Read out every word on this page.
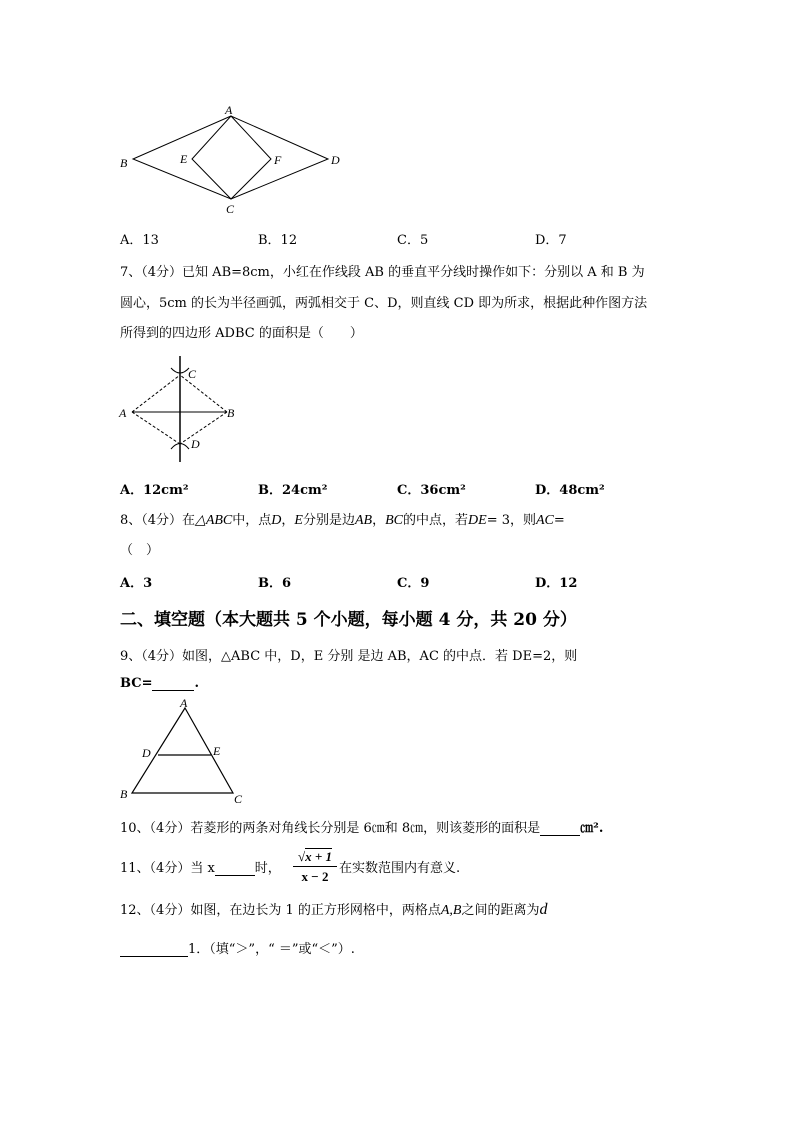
A
B
C
D
E	F
A．13	B．12	C．5	D．7
7、（4分）已知 AB=8cm，小红在作线段 AB 的垂直平分线时操作如下：分别以 A 和 B 为
圆心，5cm 的长为半径画弧，两弧相交于 C、D，则直线 CD 即为所求，根据此种作图方法
所得到的四边形 ADBC 的面积是（　　）
C
A	B
D
A．12cm²	B．24cm²	C．36cm²	D．48cm²
8、（4分）在△ABC中，点D，E分别是边AB，BC的中点，若DE= 3，则AC=
（　）
A．3	B．6	C．9	D．12
二、填空题（本大题共 5 个小题，每小题 4 分，共 20 分）
9、（4分）如图，△ABC 中，D，E 分别 是边 AB，AC 的中点．若 DE=2，则
BC=	.
A
D	E
B	C
10、（4分）若菱形的两条对角线长分别是 6㎝和 8㎝，则该菱形的面积是	㎝².
11、（4分）当 x	时， $\frac{√x + 1}{x - 2}$ 在实数范围内有意义.
12、（4分）如图，在边长为 1 的正方形网格中，两格点A,B之间的距离为d
1．（填“＞”，“ ＝”或“＜”）.
